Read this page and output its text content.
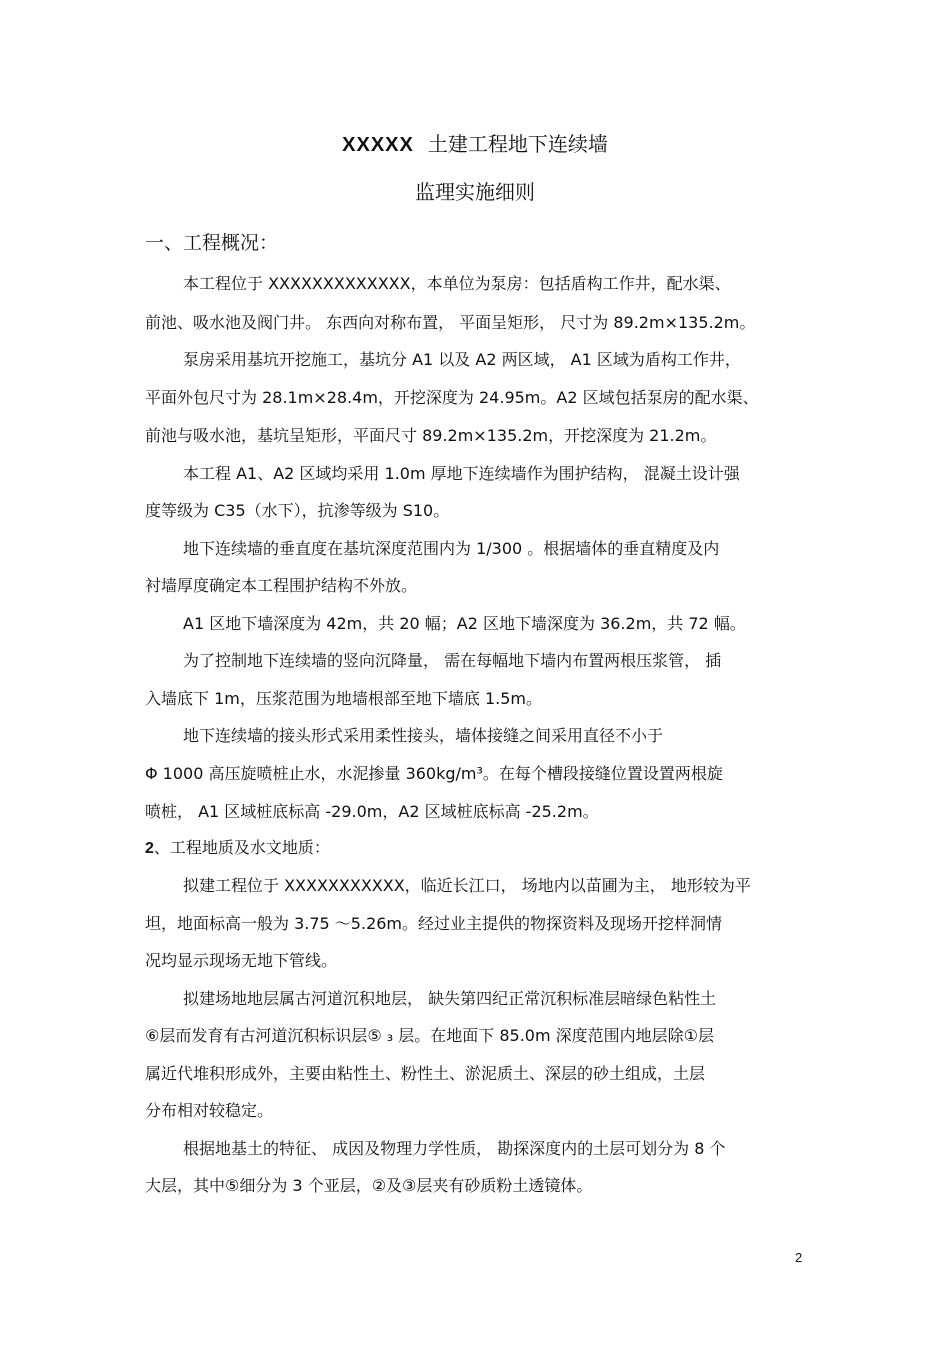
XXXXX 土建工程地下连续墙
监理实施细则
一、工程概况：
本工程位于 XXXXXXXXXXXXX，本单位为泵房：包括盾构工作井，配水渠、
前池、吸水池及阀门井。 东西向对称布置， 平面呈矩形， 尺寸为 89.2m×135.2m。
泵房采用基坑开挖施工，基坑分 A1 以及 A2 两区域， A1 区域为盾构工作井，
平面外包尺寸为 28.1m×28.4m，开挖深度为 24.95m。A2 区域包括泵房的配水渠、
前池与吸水池，基坑呈矩形，平面尺寸 89.2m×135.2m，开挖深度为 21.2m。
本工程 A1、A2 区域均采用 1.0m 厚地下连续墙作为围护结构， 混凝土设计强
度等级为 C35（水下），抗渗等级为 S10。
地下连续墙的垂直度在基坑深度范围内为 1/300 。根据墙体的垂直精度及内
衬墙厚度确定本工程围护结构不外放。
A1 区地下墙深度为 42m，共 20 幅；A2 区地下墙深度为 36.2m，共 72 幅。
为了控制地下连续墙的竖向沉降量， 需在每幅地下墙内布置两根压浆管， 插
入墙底下 1m，压浆范围为地墙根部至地下墙底 1.5m。
地下连续墙的接头形式采用柔性接头，墙体接缝之间采用直径不小于
Φ 1000 高压旋喷桩止水，水泥掺量 360kg/m³。在每个槽段接缝位置设置两根旋
喷桩， A1 区域桩底标高 -29.0m，A2 区域桩底标高 -25.2m。
2、工程地质及水文地质：
拟建工程位于 XXXXXXXXXXX，临近长江口， 场地内以苗圃为主， 地形较为平
坦，地面标高一般为 3.75 ～5.26m。经过业主提供的物探资料及现场开挖样洞情
况均显示现场无地下管线。
拟建场地地层属古河道沉积地层， 缺失第四纪正常沉积标准层暗绿色粘性土
⑥层而发育有古河道沉积标识层⑤ ₃ 层。在地面下 85.0m 深度范围内地层除①层
属近代堆积形成外，主要由粘性土、粉性土、淤泥质土、深层的砂土组成，土层
分布相对较稳定。
根据地基土的特征、 成因及物理力学性质， 勘探深度内的土层可划分为 8 个
大层，其中⑤细分为 3 个亚层，②及③层夹有砂质粉土透镜体。
2
